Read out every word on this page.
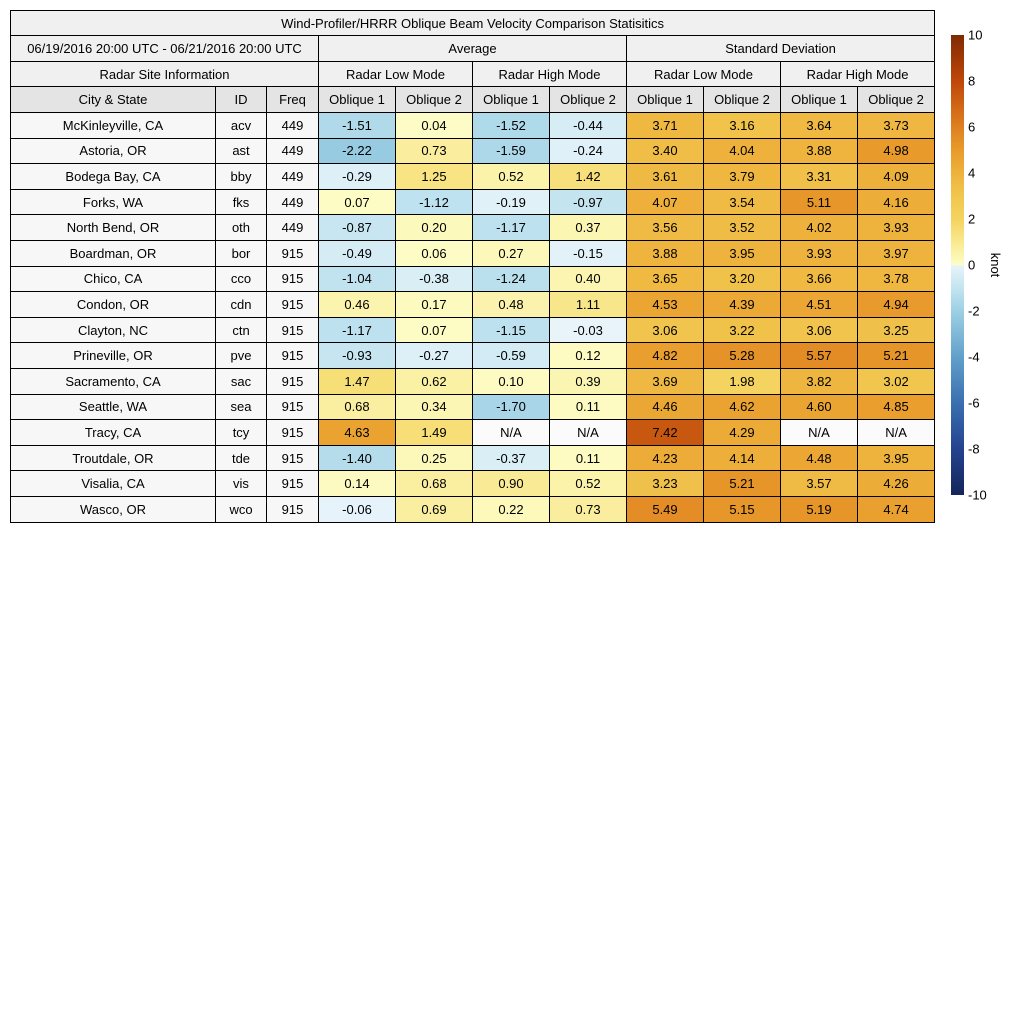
Wind-Profiler/HRRR Oblique Beam Velocity Comparison Statisitics										
06/19/2016 20:00 UTC - 06/21/2016 20:00 UTC			Average				Standard Deviation			
Radar Site Information			Radar Low Mode		Radar High Mode		Radar Low Mode		Radar High Mode	
City & State	ID	Freq	Oblique 1	Oblique 2	Oblique 1	Oblique 2	Oblique 1	Oblique 2	Oblique 1	Oblique 2
McKinleyville, CA	acv	449	-1.51	0.04	-1.52	-0.44	3.71	3.16	3.64	3.73
Astoria, OR	ast	449	-2.22	0.73	-1.59	-0.24	3.40	4.04	3.88	4.98
Bodega Bay, CA	bby	449	-0.29	1.25	0.52	1.42	3.61	3.79	3.31	4.09
Forks, WA	fks	449	0.07	-1.12	-0.19	-0.97	4.07	3.54	5.11	4.16
North Bend, OR	oth	449	-0.87	0.20	-1.17	0.37	3.56	3.52	4.02	3.93
Boardman, OR	bor	915	-0.49	0.06	0.27	-0.15	3.88	3.95	3.93	3.97
Chico, CA	cco	915	-1.04	-0.38	-1.24	0.40	3.65	3.20	3.66	3.78
Condon, OR	cdn	915	0.46	0.17	0.48	1.11	4.53	4.39	4.51	4.94
Clayton, NC	ctn	915	-1.17	0.07	-1.15	-0.03	3.06	3.22	3.06	3.25
Prineville, OR	pve	915	-0.93	-0.27	-0.59	0.12	4.82	5.28	5.57	5.21
Sacramento, CA	sac	915	1.47	0.62	0.10	0.39	3.69	1.98	3.82	3.02
Seattle, WA	sea	915	0.68	0.34	-1.70	0.11	4.46	4.62	4.60	4.85
Tracy, CA	tcy	915	4.63	1.49	N/A	N/A	7.42	4.29	N/A	N/A
Troutdale, OR	tde	915	-1.40	0.25	-0.37	0.11	4.23	4.14	4.48	3.95
Visalia, CA	vis	915	0.14	0.68	0.90	0.52	3.23	5.21	3.57	4.26
Wasco, OR	wco	915	-0.06	0.69	0.22	0.73	5.49	5.15	5.19	4.74
10
8
6
4
2
0
-2
-4
-6
-8
-10
knot
